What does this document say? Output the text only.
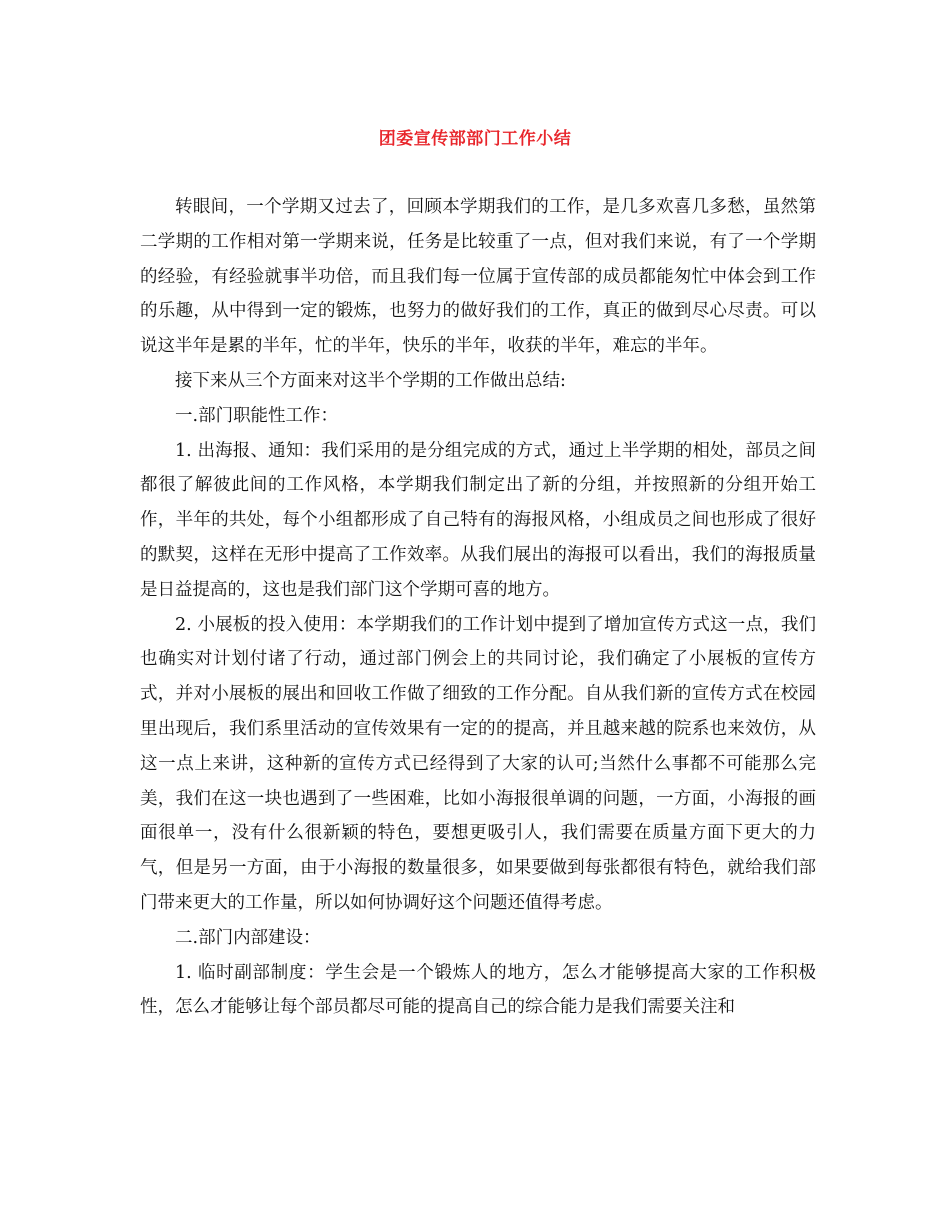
团委宣传部部门工作小结

转眼间，一个学期又过去了，回顾本学期我们的工作，是几多欢喜几多愁，虽然第二学期的工作相对第一学期来说，任务是比较重了一点，但对我们来说，有了一个学期的经验，有经验就事半功倍，而且我们每一位属于宣传部的成员都能匆忙中体会到工作的乐趣，从中得到一定的锻炼，也努力的做好我们的工作，真正的做到尽心尽责。可以说这半年是累的半年，忙的半年，快乐的半年，收获的半年，难忘的半年。

接下来从三个方面来对这半个学期的工作做出总结:

一.部门职能性工作：

1. 出海报、通知：我们采用的是分组完成的方式，通过上半学期的相处，部员之间都很了解彼此间的工作风格，本学期我们制定出了新的分组，并按照新的分组开始工作，半年的共处，每个小组都形成了自己特有的海报风格，小组成员之间也形成了很好的默契，这样在无形中提高了工作效率。从我们展出的海报可以看出，我们的海报质量是日益提高的，这也是我们部门这个学期可喜的地方。

2. 小展板的投入使用：本学期我们的工作计划中提到了增加宣传方式这一点，我们也确实对计划付诸了行动，通过部门例会上的共同讨论，我们确定了小展板的宣传方式，并对小展板的展出和回收工作做了细致的工作分配。自从我们新的宣传方式在校园里出现后，我们系里活动的宣传效果有一定的的提高，并且越来越的院系也来效仿，从这一点上来讲，这种新的宣传方式已经得到了大家的认可;当然什么事都不可能那么完美，我们在这一块也遇到了一些困难，比如小海报很单调的问题，一方面，小海报的画面很单一，没有什么很新颖的特色，要想更吸引人，我们需要在质量方面下更大的力气，但是另一方面，由于小海报的数量很多，如果要做到每张都很有特色，就给我们部门带来更大的工作量，所以如何协调好这个问题还值得考虑。

二.部门内部建设：

1. 临时副部制度：学生会是一个锻炼人的地方，怎么才能够提高大家的工作积极性，怎么才能够让每个部员都尽可能的提高自己的综合能力是我们需要关注和
